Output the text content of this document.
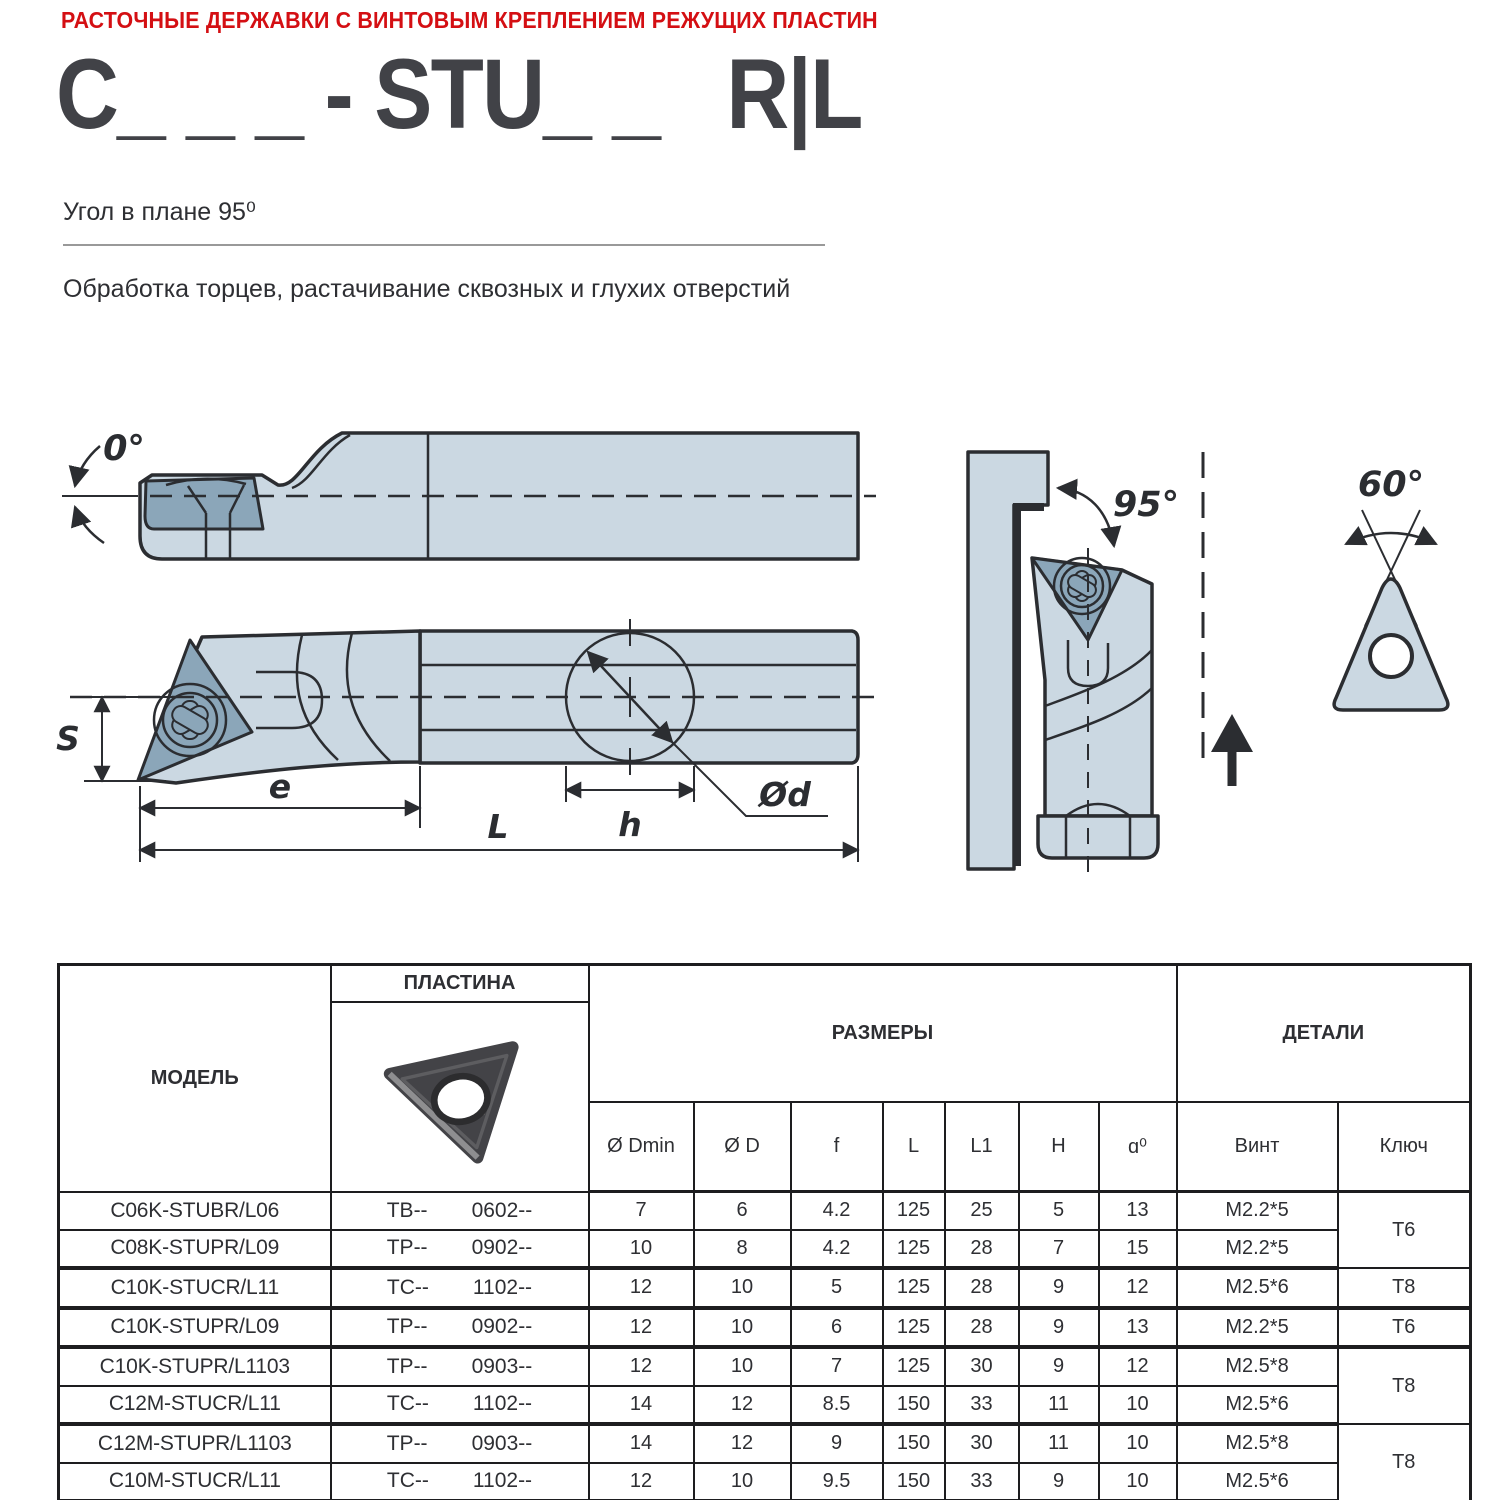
РАСТОЧНЫЕ ДЕРЖАВКИ С ВИНТОВЫМ КРЕПЛЕНИЕМ РЕЖУЩИХ ПЛАСТИН
C_ _ _ - STU_ _   R|L
Угол в плане 95⁰
Обработка торцев, растачивание сквозных и глухих отверстий
0°
Ød
h
e
L
S
95°	60°
МОДЕЛЬ	ПЛАСТИНА	РАЗМЕРЫ							ДЕТАЛИ	

		Ø Dmin	Ø D	f	L	L1	H	ɑ⁰	Винт	Ключ
C06K-STUBR/L06	TB-- 0602--	7	6	4.2	125	25	5	13	M2.2*5	T6
C08K-STUPR/L09	TP-- 0902--	10	8	4.2	125	28	7	15	M2.2*5	
C10K-STUCR/L11	TC-- 1102--	12	10	5	125	28	9	12	M2.5*6	T8
C10K-STUPR/L09	TP-- 0902--	12	10	6	125	28	9	13	M2.2*5	T6
C10K-STUPR/L1103	TP-- 0903--	12	10	7	125	30	9	12	M2.5*8	T8
C12M-STUCR/L11	TC-- 1102--	14	12	8.5	150	33	11	10	M2.5*6	
C12M-STUPR/L1103	TP-- 0903--	14	12	9	150	30	11	10	M2.5*8	T8
C10M-STUCR/L11	TC-- 1102--	12	10	9.5	150	33	9	10	M2.5*6	
